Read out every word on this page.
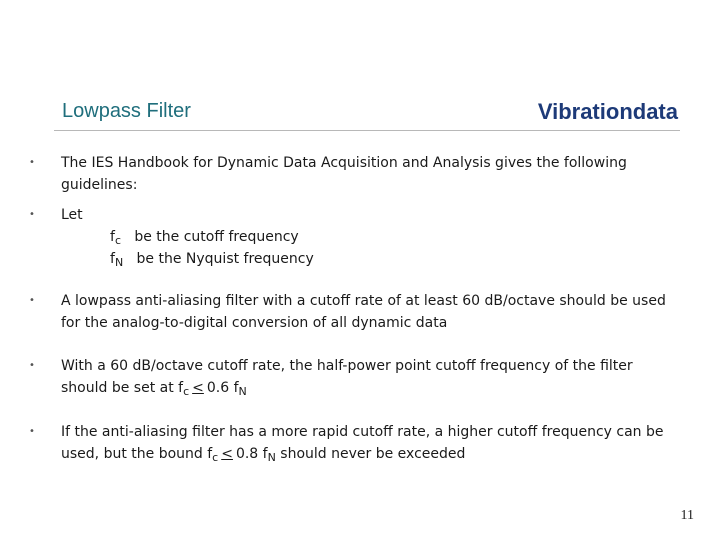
Lowpass Filter	Vibrationdata
•	The IES Handbook for Dynamic Data Acquisition and Analysis gives the following guidelines:
•	Let
$f_c$ be the cutoff frequency
$f_N$ be the Nyquist frequency
•	A lowpass anti-aliasing filter with a cutoff rate of at least 60 dB/octave should be used for the analog-to-digital conversion of all dynamic data
•	With a 60 dB/octave cutoff rate, the half-power point cutoff frequency of the filter should be set at $f_c \le 0.6$ $f_N$
•	If the anti-aliasing filter has a more rapid cutoff rate, a higher cutoff frequency can be used, but the bound $f_c \le 0.8$ $f_N$ should never be exceeded
11
